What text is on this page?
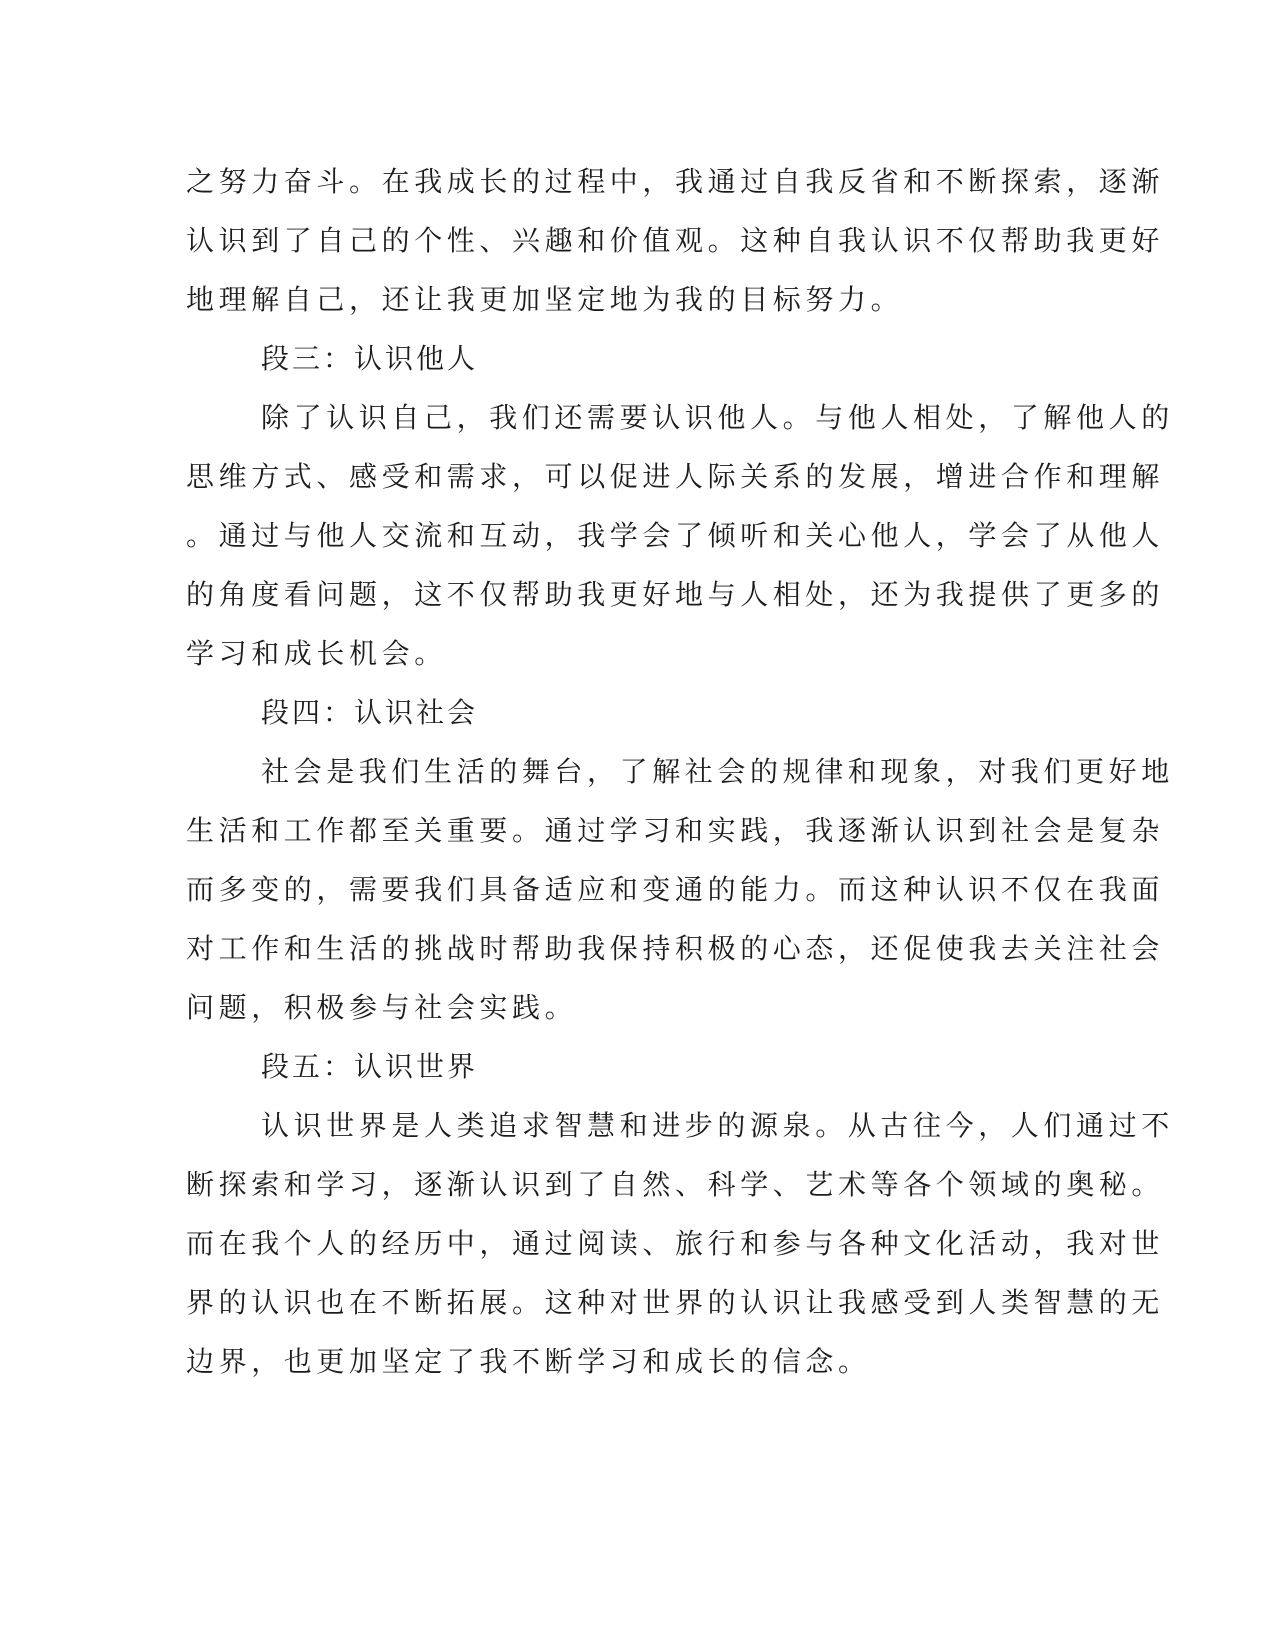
之努力奋斗。在我成长的过程中，我通过自我反省和不断探索，逐渐
认识到了自己的个性、兴趣和价值观。这种自我认识不仅帮助我更好
地理解自己，还让我更加坚定地为我的目标努力。
段三：认识他人
除了认识自己，我们还需要认识他人。与他人相处，了解他人的
思维方式、感受和需求，可以促进人际关系的发展，增进合作和理解
。通过与他人交流和互动，我学会了倾听和关心他人，学会了从他人
的角度看问题，这不仅帮助我更好地与人相处，还为我提供了更多的
学习和成长机会。
段四：认识社会
社会是我们生活的舞台，了解社会的规律和现象，对我们更好地
生活和工作都至关重要。通过学习和实践，我逐渐认识到社会是复杂
而多变的，需要我们具备适应和变通的能力。而这种认识不仅在我面
对工作和生活的挑战时帮助我保持积极的心态，还促使我去关注社会
问题，积极参与社会实践。
段五：认识世界
认识世界是人类追求智慧和进步的源泉。从古往今，人们通过不
断探索和学习，逐渐认识到了自然、科学、艺术等各个领域的奥秘。
而在我个人的经历中，通过阅读、旅行和参与各种文化活动，我对世
界的认识也在不断拓展。这种对世界的认识让我感受到人类智慧的无
边界，也更加坚定了我不断学习和成长的信念。
